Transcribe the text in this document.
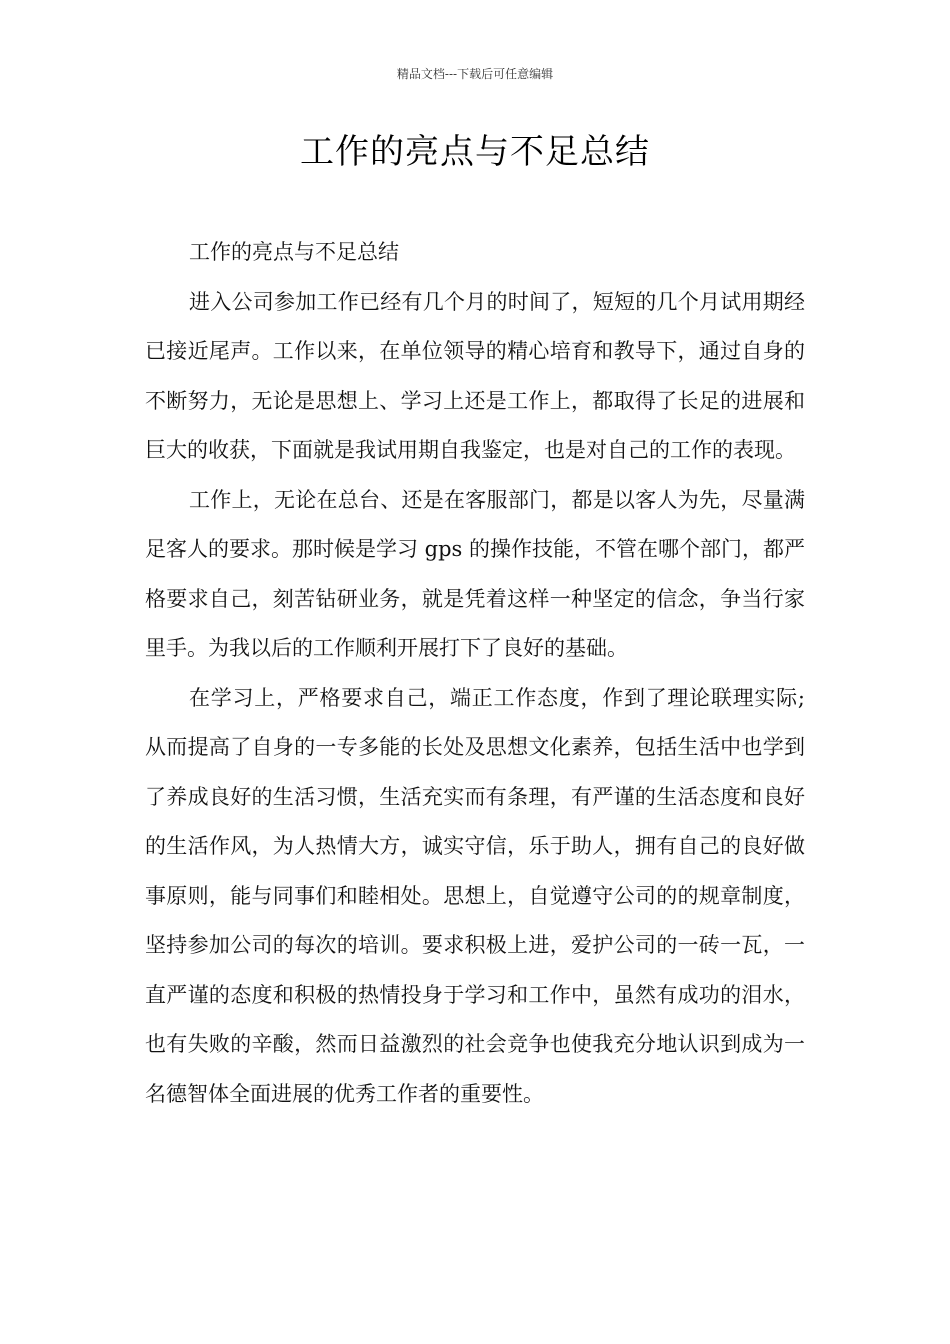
精品文档---下载后可任意编辑
工作的亮点与不足总结

工作的亮点与不足总结

进入公司参加工作已经有几个月的时间了，短短的几个月试用期经已接近尾声。工作以来，在单位领导的精心培育和教导下，通过自身的不断努力，无论是思想上、学习上还是工作上，都取得了长足的进展和巨大的收获，下面就是我试用期自我鉴定，也是对自己的工作的表现。

工作上，无论在总台、还是在客服部门，都是以客人为先，尽量满足客人的要求。那时候是学习 gps 的操作技能，不管在哪个部门，都严格要求自己，刻苦钻研业务，就是凭着这样一种坚定的信念，争当行家里手。为我以后的工作顺利开展打下了良好的基础。

在学习上，严格要求自己，端正工作态度，作到了理论联理实际;从而提高了自身的一专多能的长处及思想文化素养，包括生活中也学到了养成良好的生活习惯，生活充实而有条理，有严谨的生活态度和良好的生活作风，为人热情大方，诚实守信，乐于助人，拥有自己的良好做事原则，能与同事们和睦相处。思想上，自觉遵守公司的的规章制度，坚持参加公司的每次的培训。要求积极上进，爱护公司的一砖一瓦，一直严谨的态度和积极的热情投身于学习和工作中，虽然有成功的泪水，也有失败的辛酸，然而日益激烈的社会竞争也使我充分地认识到成为一名德智体全面进展的优秀工作者的重要性。
